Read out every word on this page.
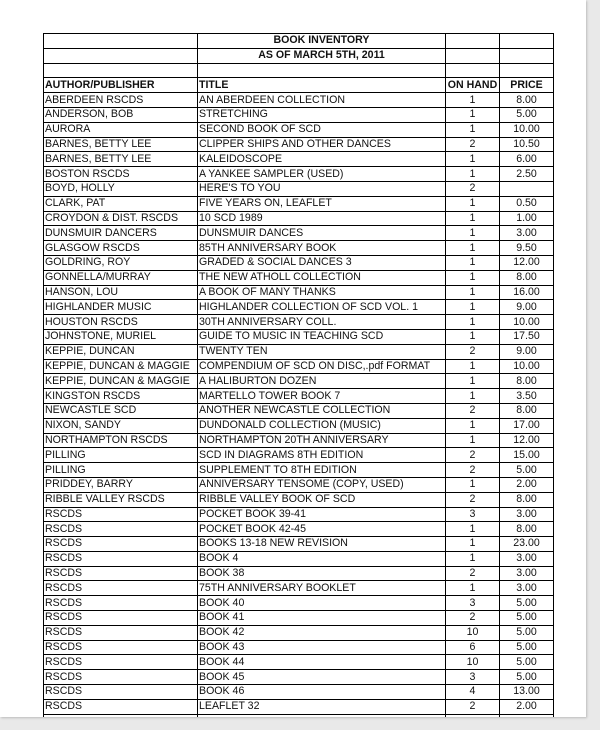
	BOOK INVENTORY		
	AS OF MARCH 5TH, 2011		

AUTHOR/PUBLISHER	TITLE	ON HAND	PRICE
ABERDEEN RSCDS	AN ABERDEEN COLLECTION	1	8.00
ANDERSON, BOB	STRETCHING	1	5.00
AURORA	SECOND BOOK OF SCD	1	10.00
BARNES, BETTY LEE	CLIPPER SHIPS AND OTHER DANCES	2	10.50
BARNES, BETTY LEE	KALEIDOSCOPE	1	6.00
BOSTON RSCDS	A YANKEE SAMPLER (USED)	1	2.50
BOYD, HOLLY	HERE'S TO YOU	2	
CLARK, PAT	FIVE YEARS ON, LEAFLET	1	0.50
CROYDON & DIST. RSCDS	10 SCD 1989	1	1.00
DUNSMUIR DANCERS	DUNSMUIR DANCES	1	3.00
GLASGOW RSCDS	85TH ANNIVERSARY BOOK	1	9.50
GOLDRING, ROY	GRADED & SOCIAL DANCES 3	1	12.00
GONNELLA/MURRAY	THE NEW ATHOLL COLLECTION	1	8.00
HANSON, LOU	A BOOK OF MANY THANKS	1	16.00
HIGHLANDER MUSIC	HIGHLANDER COLLECTION OF SCD VOL. 1	1	9.00
HOUSTON RSCDS	30TH ANNIVERSARY COLL.	1	10.00
JOHNSTONE, MURIEL	GUIDE TO MUSIC IN TEACHING SCD	1	17.50
KEPPIE, DUNCAN	TWENTY TEN	2	9.00
KEPPIE, DUNCAN & MAGGIE	COMPENDIUM OF SCD ON DISC,.pdf FORMAT	1	10.00
KEPPIE, DUNCAN & MAGGIE	A HALIBURTON DOZEN	1	8.00
KINGSTON RSCDS	MARTELLO TOWER BOOK 7	1	3.50
NEWCASTLE SCD	ANOTHER NEWCASTLE COLLECTION	2	8.00
NIXON, SANDY	DUNDONALD COLLECTION (MUSIC)	1	17.00
NORTHAMPTON RSCDS	NORTHAMPTON 20TH ANNIVERSARY	1	12.00
PILLING	SCD IN DIAGRAMS 8TH EDITION	2	15.00
PILLING	SUPPLEMENT TO 8TH EDITION	2	5.00
PRIDDEY, BARRY	ANNIVERSARY TENSOME (COPY, USED)	1	2.00
RIBBLE VALLEY RSCDS	RIBBLE VALLEY BOOK OF SCD	2	8.00
RSCDS	POCKET BOOK 39-41	3	3.00
RSCDS	POCKET BOOK 42-45	1	8.00
RSCDS	BOOKS 13-18 NEW REVISION	1	23.00
RSCDS	BOOK 4	1	3.00
RSCDS	BOOK 38	2	3.00
RSCDS	75TH ANNIVERSARY BOOKLET	1	3.00
RSCDS	BOOK 40	3	5.00
RSCDS	BOOK 41	2	5.00
RSCDS	BOOK 42	10	5.00
RSCDS	BOOK 43	6	5.00
RSCDS	BOOK 44	10	5.00
RSCDS	BOOK 45	3	5.00
RSCDS	BOOK 46	4	13.00
RSCDS	LEAFLET 32	2	2.00
